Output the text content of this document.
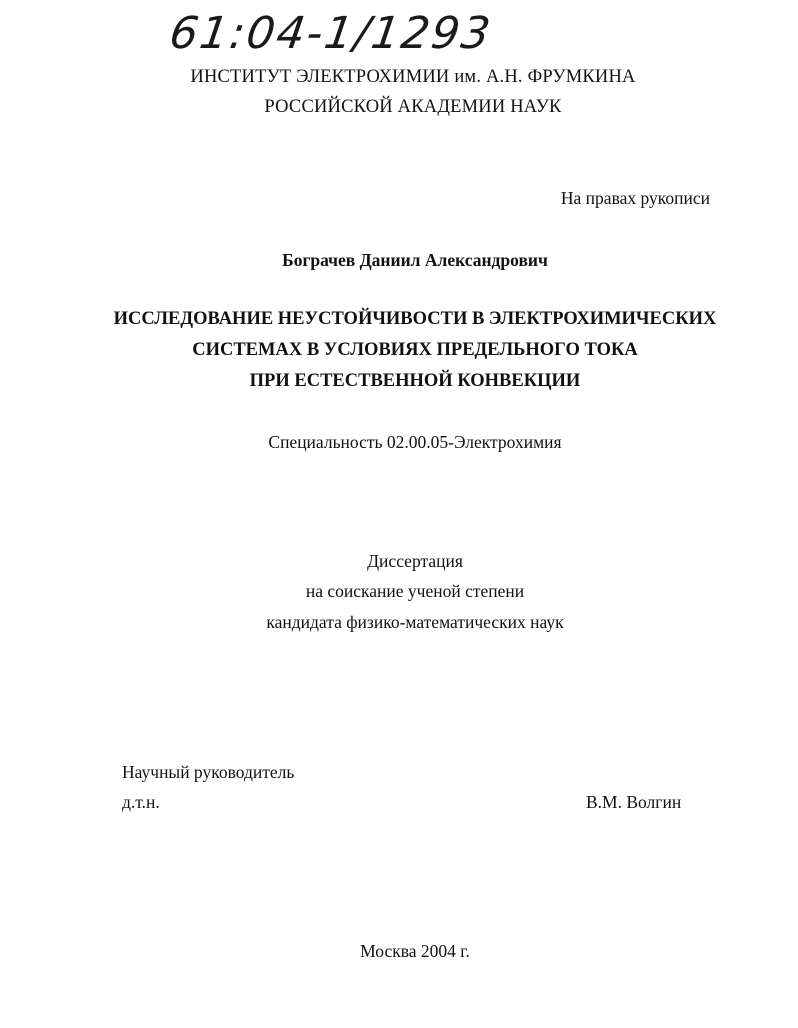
61:04-1/1293
ИНСТИТУТ ЭЛЕКТРОХИМИИ им. А.Н. ФРУМКИНА
РОССИЙСКОЙ АКАДЕМИИ НАУК
На правах рукописи
Бограчев Даниил Александрович
ИССЛЕДОВАНИЕ НЕУСТОЙЧИВОСТИ В ЭЛЕКТРОХИМИЧЕСКИХ
СИСТЕМАХ В УСЛОВИЯХ ПРЕДЕЛЬНОГО ТОКА
ПРИ ЕСТЕСТВЕННОЙ КОНВЕКЦИИ
Специальность 02.00.05-Электрохимия
Диссертация
на соискание ученой степени
кандидата физико-математических наук
Научный руководитель
д.т.н.	В.М. Волгин
Москва 2004 г.
